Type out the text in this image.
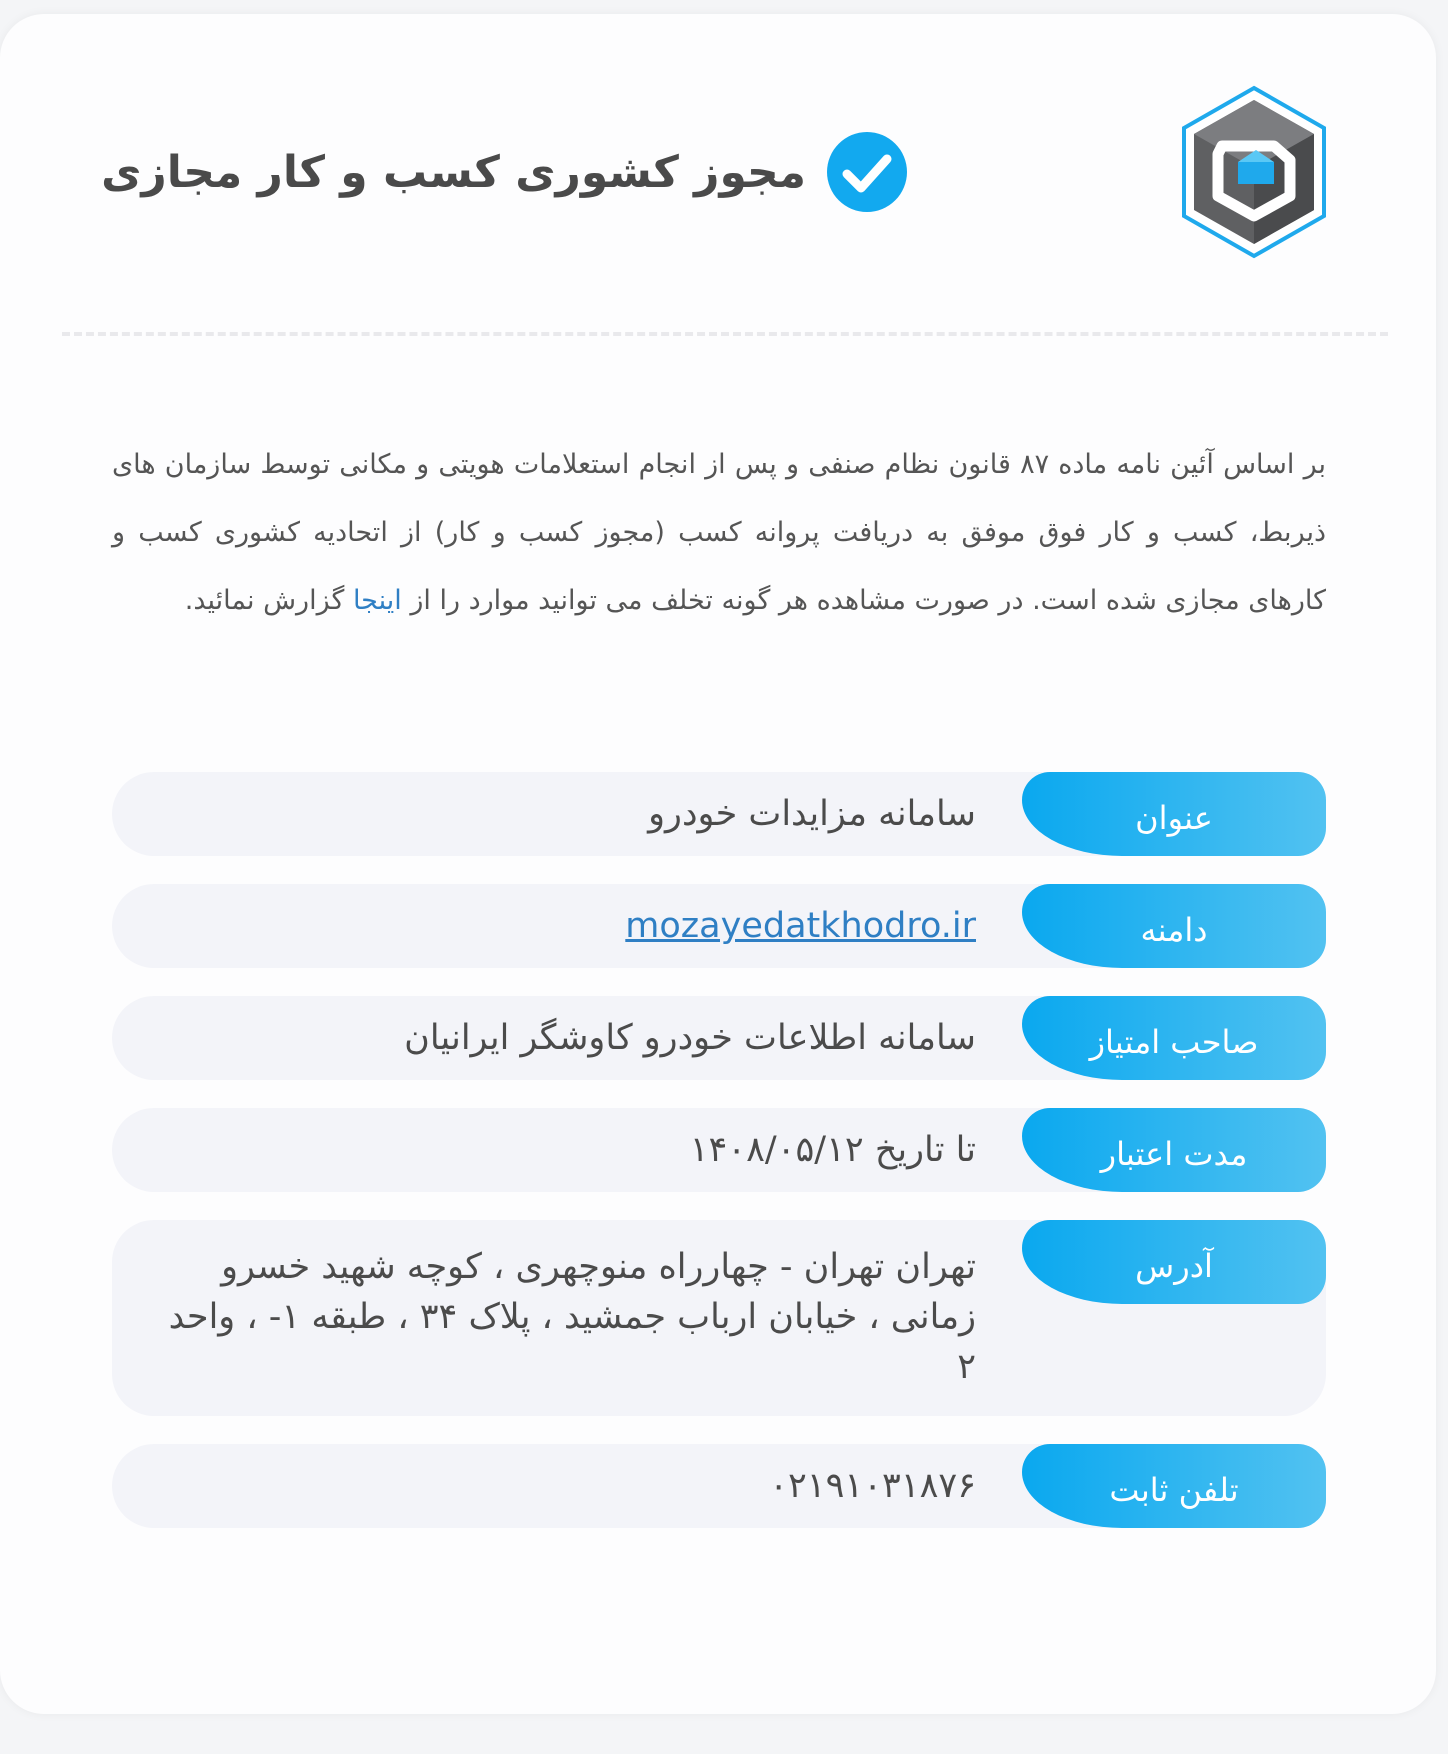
مجوز کشوری کسب و کار مجازی

بر اساس آئین نامه ماده ۸۷ قانون نظام صنفی و پس از انجام استعلامات هویتی و مکانی توسط سازمان های ذیربط، کسب و کار فوق موفق به دریافت پروانه کسب (مجوز کسب و کار) از اتحادیه کشوری کسب و کارهای مجازی شده است. در صورت مشاهده هر گونه تخلف می توانید موارد را از اینجا گزارش نمائید.

عنوان
سامانه مزایدات خودرو
دامنه
mozayedatkhodro.ir
صاحب امتیاز
سامانه اطلاعات خودرو کاوشگر ایرانیان
مدت اعتبار
تا تاریخ ۱۴۰۸/۰۵/۱۲
آدرس
تهران تهران - چهارراه منوچهری ، کوچه شهید خسرو زمانی ، خیابان ارباب جمشید ، پلاک ۳۴ ، طبقه ۱- ، واحد ۲
تلفن ثابت
۰۲۱۹۱۰۳۱۸۷۶
